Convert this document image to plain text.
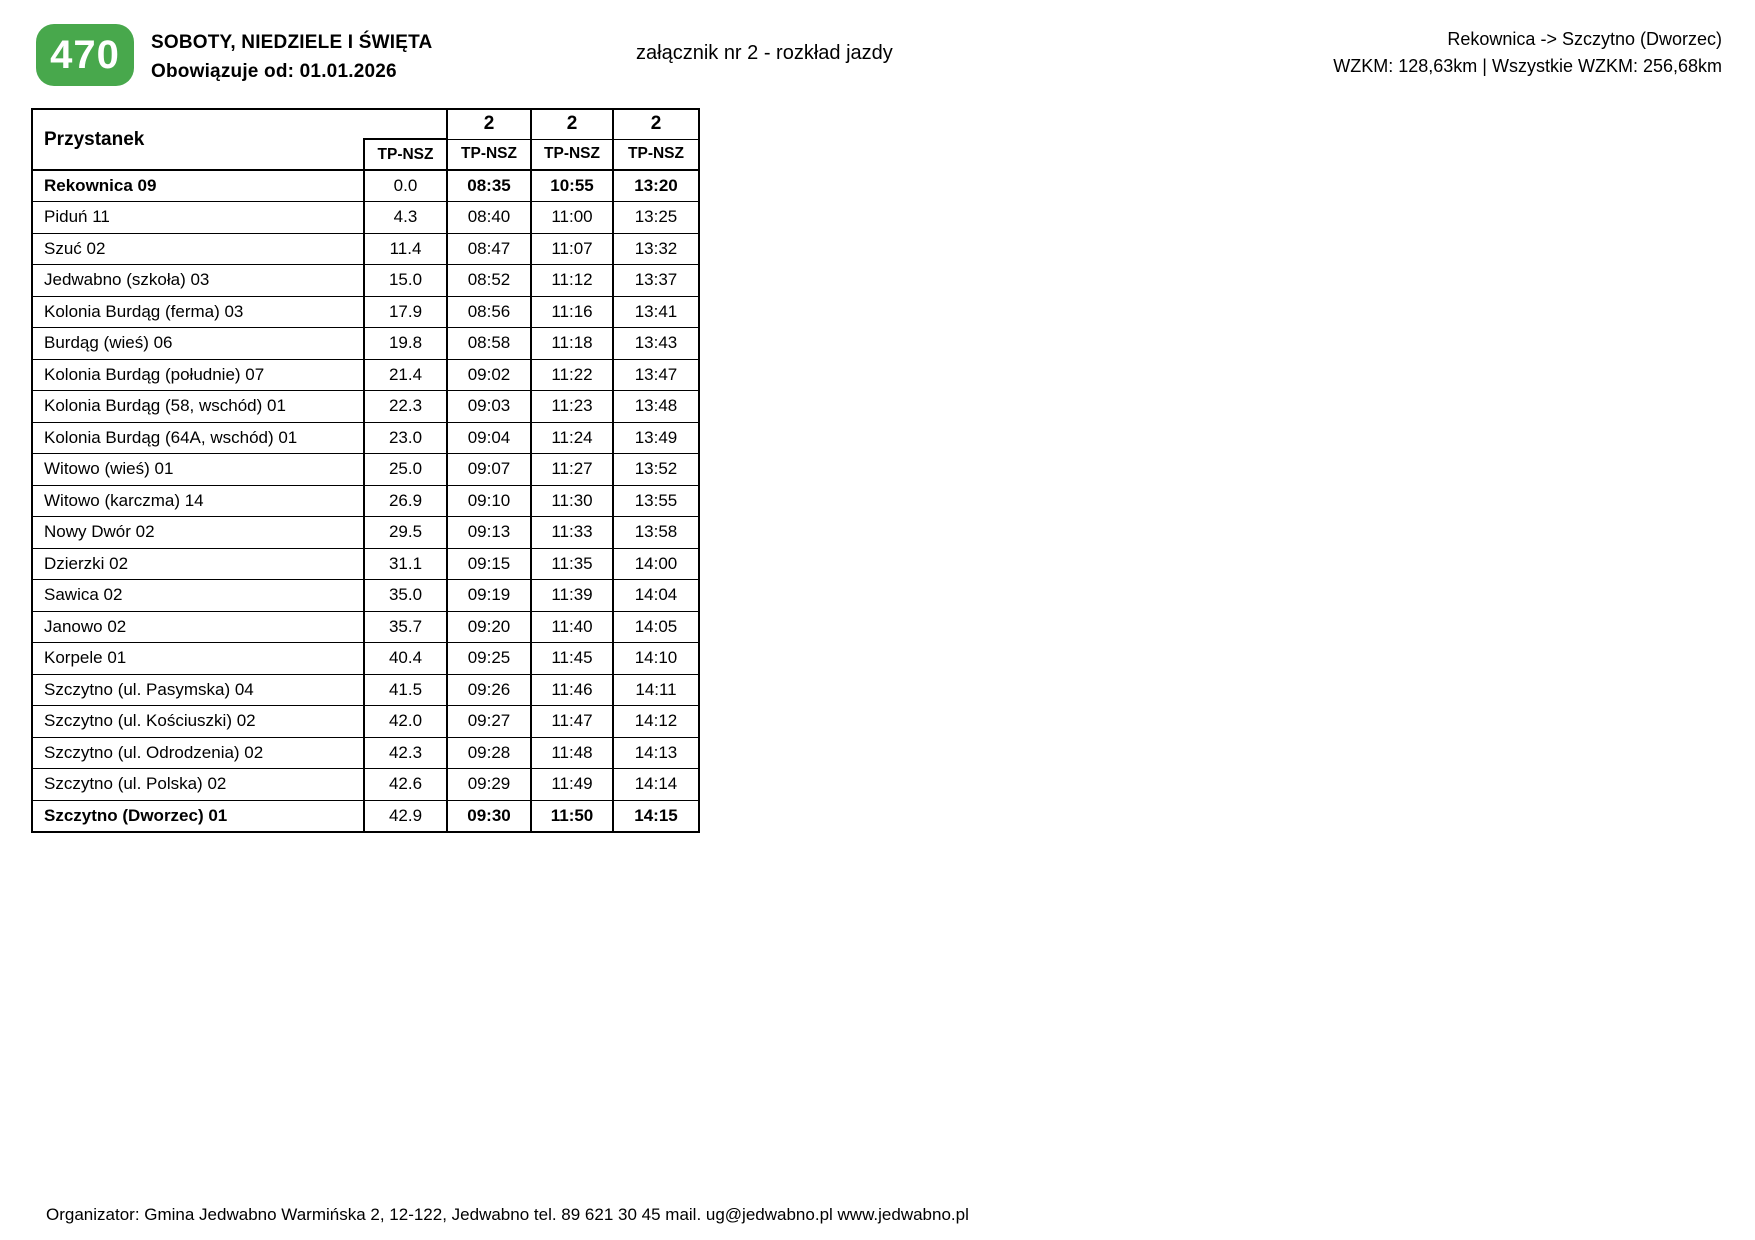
470 SOBOTY, NIEDZIELE I ŚWIĘTA
Obowiązuje od: 01.01.2026
załącznik nr 2 - rozkład jazdy
Rekownica -> Szczytno (Dworzec)
WZKM: 128,63km | Wszystkie WZKM: 256,68km
Przystanek		2	2	2
	TP-NSZ	TP-NSZ	TP-NSZ	TP-NSZ
Rekownica 09	0.0	08:35	10:55	13:20
Piduń 11	4.3	08:40	11:00	13:25
Szuć 02	11.4	08:47	11:07	13:32
Jedwabno (szkoła) 03	15.0	08:52	11:12	13:37
Kolonia Burdąg (ferma) 03	17.9	08:56	11:16	13:41
Burdąg (wieś) 06	19.8	08:58	11:18	13:43
Kolonia Burdąg (południe) 07	21.4	09:02	11:22	13:47
Kolonia Burdąg (58, wschód) 01	22.3	09:03	11:23	13:48
Kolonia Burdąg (64A, wschód) 01	23.0	09:04	11:24	13:49
Witowo (wieś) 01	25.0	09:07	11:27	13:52
Witowo (karczma) 14	26.9	09:10	11:30	13:55
Nowy Dwór 02	29.5	09:13	11:33	13:58
Dzierzki 02	31.1	09:15	11:35	14:00
Sawica 02	35.0	09:19	11:39	14:04
Janowo 02	35.7	09:20	11:40	14:05
Korpele 01	40.4	09:25	11:45	14:10
Szczytno (ul. Pasymska) 04	41.5	09:26	11:46	14:11
Szczytno (ul. Kościuszki) 02	42.0	09:27	11:47	14:12
Szczytno (ul. Odrodzenia) 02	42.3	09:28	11:48	14:13
Szczytno (ul. Polska) 02	42.6	09:29	11:49	14:14
Szczytno (Dworzec) 01	42.9	09:30	11:50	14:15
Organizator: Gmina Jedwabno Warmińska 2, 12-122, Jedwabno tel. 89 621 30 45 mail. ug@jedwabno.pl www.jedwabno.pl
